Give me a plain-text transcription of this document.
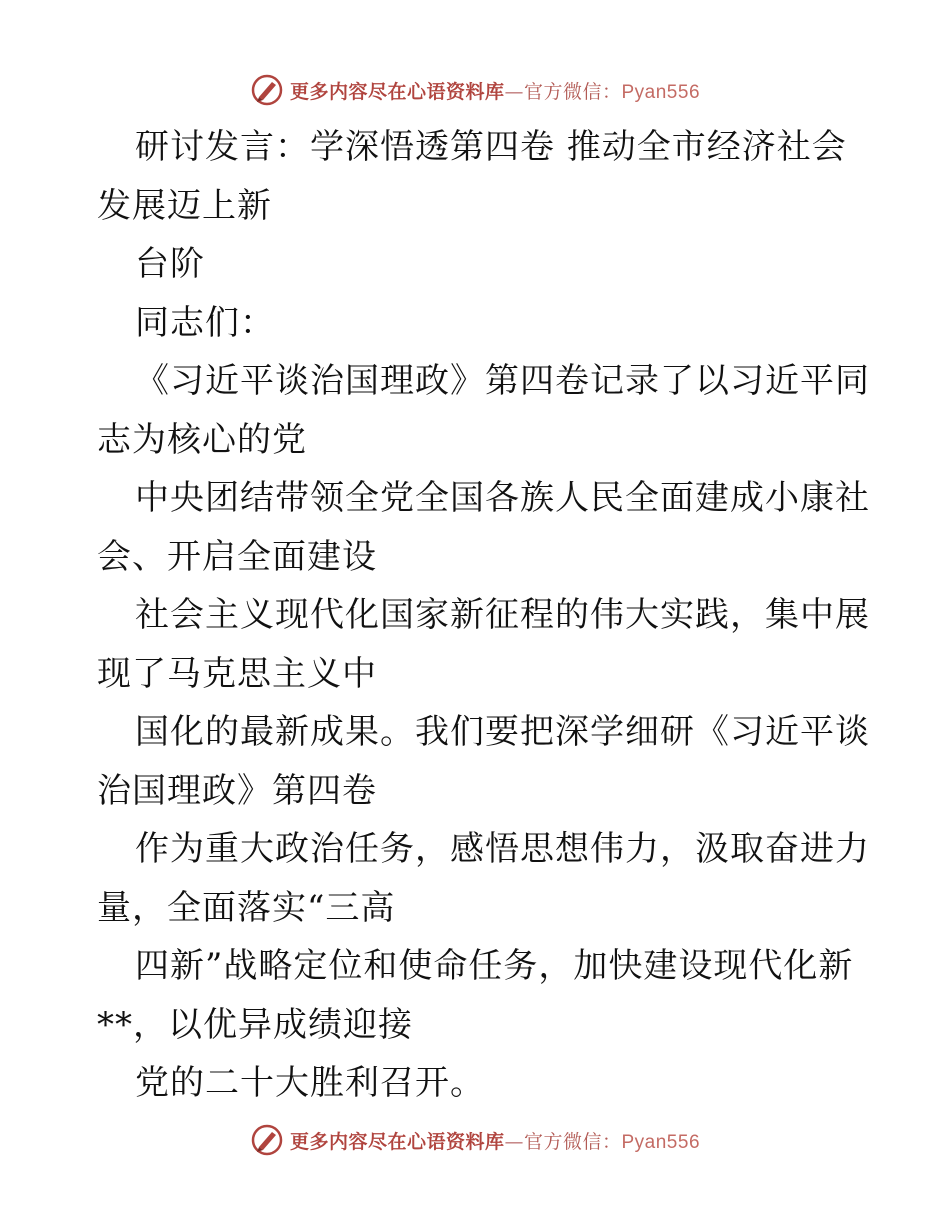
更多内容尽在心语资料库—官方微信：Pyan556
研讨发言：学深悟透第四卷 推动全市经济社会
发展迈上新
台阶
同志们：
《习近平谈治国理政》第四卷记录了以习近平同
志为核心的党
中央团结带领全党全国各族人民全面建成小康社
会、开启全面建设
社会主义现代化国家新征程的伟大实践，集中展
现了马克思主义中
国化的最新成果。我们要把深学细研《习近平谈
治国理政》第四卷
作为重大政治任务，感悟思想伟力，汲取奋进力
量，全面落实“三高
四新”战略定位和使命任务，加快建设现代化新
**，以优异成绩迎接
党的二十大胜利召开。
更多内容尽在心语资料库—官方微信：Pyan556
